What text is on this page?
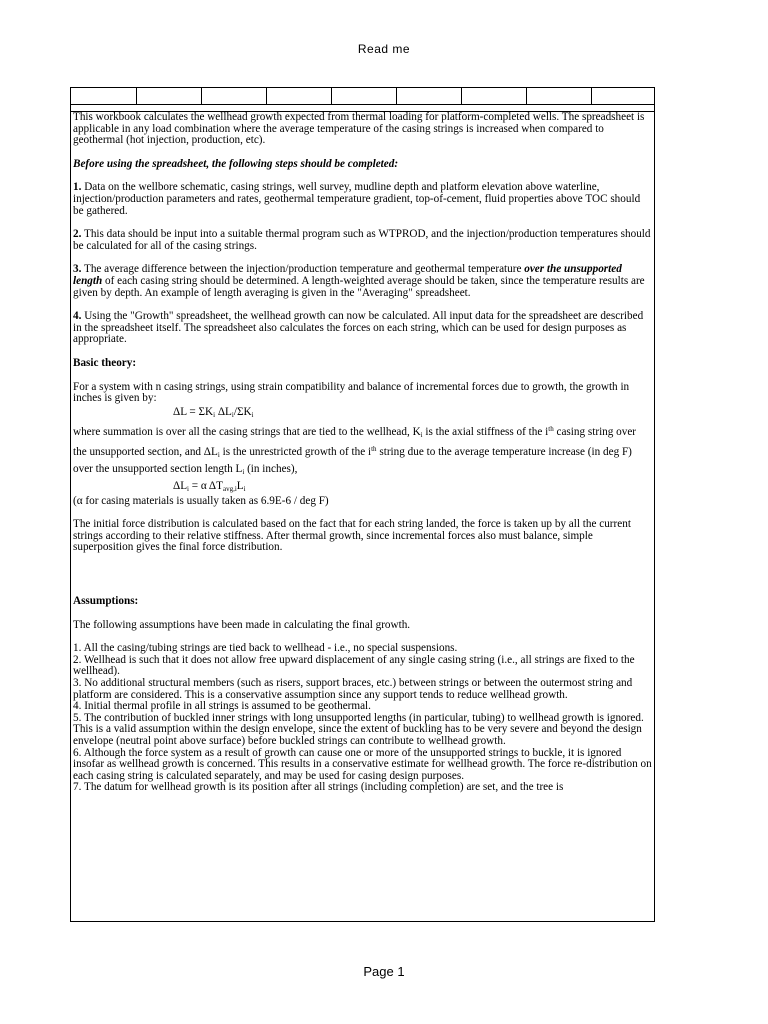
Read me

This workbook calculates the wellhead growth expected from thermal loading for platform-completed wells. The spreadsheet is applicable in any load combination where the average temperature of the casing strings is increased when compared to geothermal (hot injection, production, etc).

Before using the spreadsheet, the following steps should be completed:

1. Data on the wellbore schematic, casing strings, well survey, mudline depth and platform elevation above waterline, injection/production parameters and rates, geothermal temperature gradient, top-of-cement, fluid properties above TOC should be gathered.

2. This data should be input into a suitable thermal program such as WTPROD, and the injection/production temperatures should be calculated for all of the casing strings.

3. The average difference between the injection/production temperature and geothermal temperature over the unsupported length of each casing string should be determined. A length-weighted average should be taken, since the temperature results are given by depth. An example of length averaging is given in the "Averaging" spreadsheet.

4. Using the "Growth" spreadsheet, the wellhead growth can now be calculated. All input data for the spreadsheet are described in the spreadsheet itself. The spreadsheet also calculates the forces on each string, which can be used for design purposes as appropriate.

Basic theory:

For a system with n casing strings, using strain compatibility and balance of incremental forces due to growth, the growth in inches is given by:

$\Delta L = \Sigma K_i$ $\Delta L_i/\Sigma K_i$

where summation is over all the casing strings that are tied to the wellhead, $K_i$ is the axial stiffness of the $i^{th}$ casing string over the unsupported section, and $\Delta L_i$ is the unrestricted growth of the $i^{th}$ string due to the average temperature increase (in deg F) over the unsupported section length $L_i$ (in inches),

$\Delta L_i = \alpha$ $\Delta T_{avg,i}L_i$

(α for casing materials is usually taken as 6.9E-6 / deg F)

The initial force distribution is calculated based on the fact that for each string landed, the force is taken up by all the current strings according to their relative stiffness. After thermal growth, since incremental forces also must balance, simple superposition gives the final force distribution.

Assumptions:

The following assumptions have been made in calculating the final growth.

1. All the casing/tubing strings are tied back to wellhead - i.e., no special suspensions.

2. Wellhead is such that it does not allow free upward displacement of any single casing string (i.e., all strings are fixed to the wellhead).

3. No additional structural members (such as risers, support braces, etc.) between strings or between the outermost string and platform are considered. This is a conservative assumption since any support tends to reduce wellhead growth.

4. Initial thermal profile in all strings is assumed to be geothermal.

5. The contribution of buckled inner strings with long unsupported lengths (in particular, tubing) to wellhead growth is ignored. This is a valid assumption within the design envelope, since the extent of buckling has to be very severe and beyond the design envelope (neutral point above surface) before buckled strings can contribute to wellhead growth.

6. Although the force system as a result of growth can cause one or more of the unsupported strings to buckle, it is ignored insofar as wellhead growth is concerned. This results in a conservative estimate for wellhead growth. The force re-distribution on each casing string is calculated separately, and may be used for casing design purposes.

7. The datum for wellhead growth is its position after all strings (including completion) are set, and the tree is

Page 1
